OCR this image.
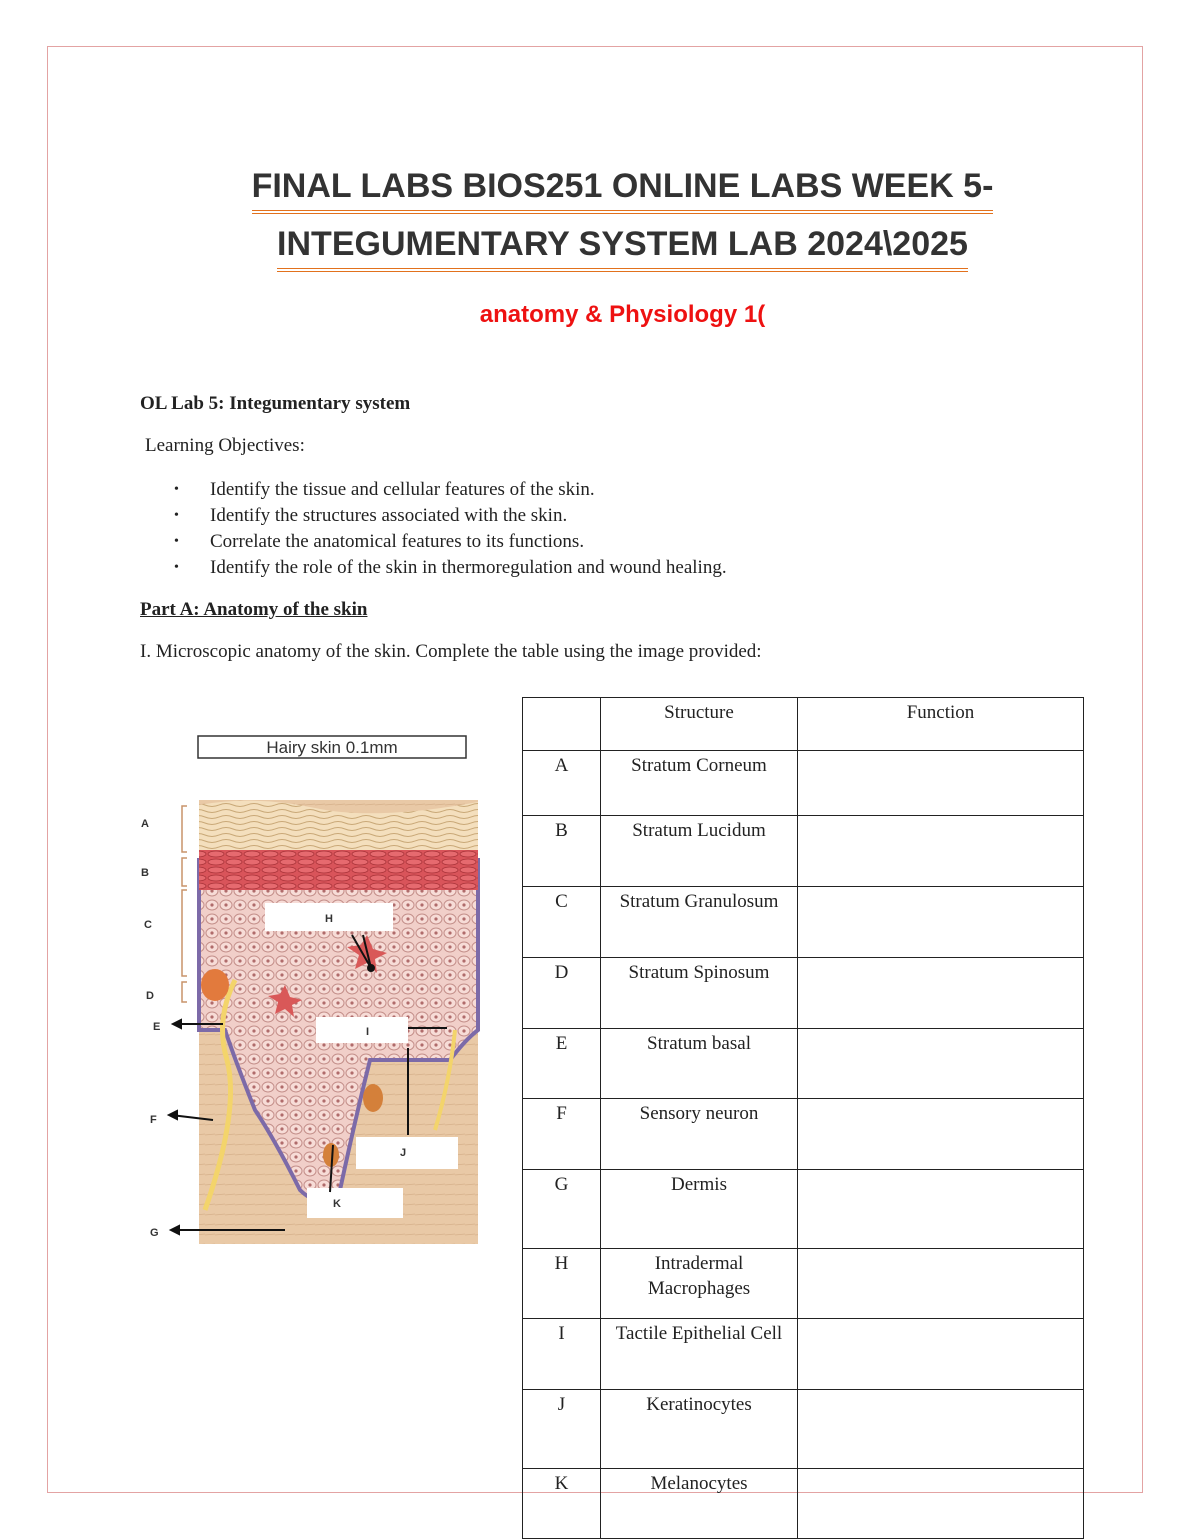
FINAL LABS BIOS251 ONLINE LABS WEEK 5-
INTEGUMENTARY SYSTEM LAB 2024\2025
anatomy & Physiology 1(
OL Lab 5: Integumentary system
Learning Objectives:
• Identify the tissue and cellular features of the skin.
• Identify the structures associated with the skin.
• Correlate the anatomical features to its functions.
• Identify the role of the skin in thermoregulation and wound healing.
Part A: Anatomy of the skin
I. Microscopic anatomy of the skin. Complete the table using the image provided:
Hairy skin 0.1mm
H
I
J
K
A
B
C
D
E
F
G
	Structure	Function
A	Stratum Corneum	
B	Stratum Lucidum	
C	Stratum Granulosum	
D	Stratum Spinosum	
E	Stratum basal	
F	Sensory neuron	
G	Dermis	
H	Intradermal Macrophages	
I	Tactile Epithelial Cell	
J	Keratinocytes	
K	Melanocytes	
